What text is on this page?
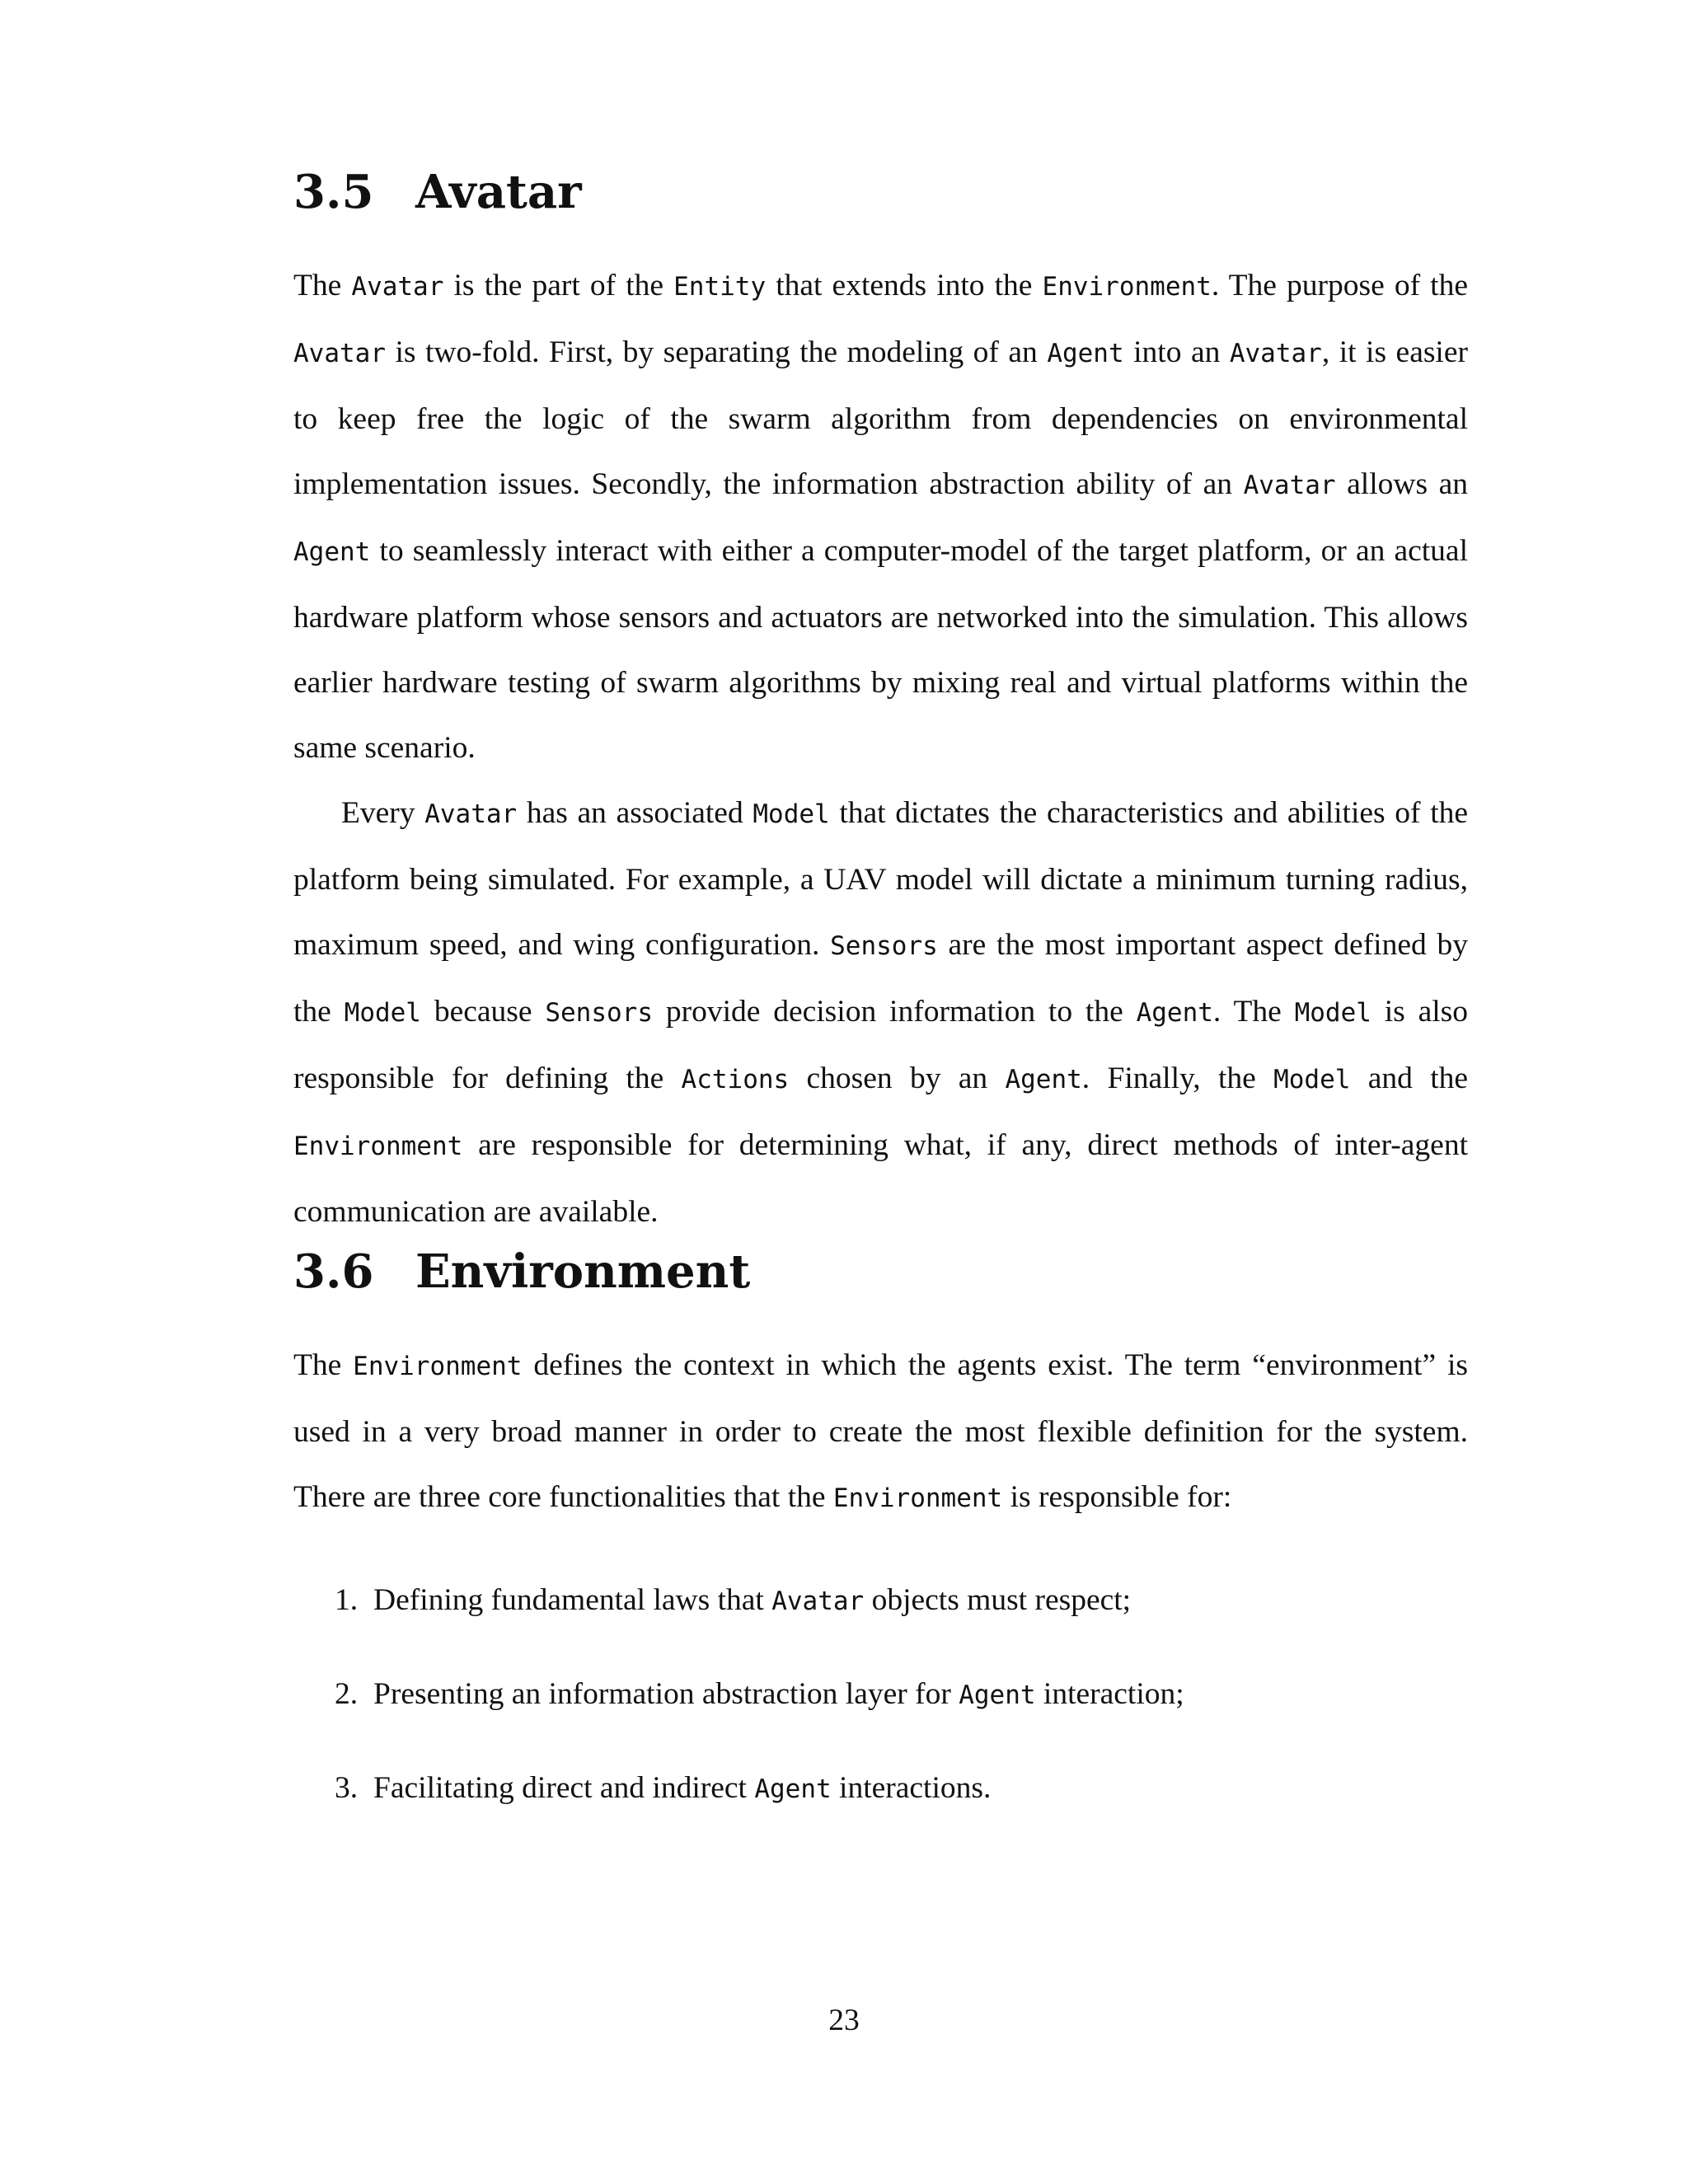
3.5 Avatar

The Avatar is the part of the Entity that extends into the Environment. The purpose of the Avatar is two-fold. First, by separating the modeling of an Agent into an Avatar, it is easier to keep free the logic of the swarm algorithm from dependencies on environmental implementation issues. Secondly, the information abstraction ability of an Avatar allows an Agent to seamlessly interact with either a computer-model of the target platform, or an actual hardware platform whose sensors and actuators are networked into the simulation. This allows earlier hardware testing of swarm algorithms by mixing real and virtual platforms within the same scenario.

Every Avatar has an associated Model that dictates the characteristics and abilities of the platform being simulated. For example, a UAV model will dictate a minimum turning radius, maximum speed, and wing configuration. Sensors are the most important aspect defined by the Model because Sensors provide decision information to the Agent. The Model is also responsible for defining the Actions chosen by an Agent. Finally, the Model and the Environment are responsible for determining what, if any, direct methods of inter-agent communication are available.

3.6 Environment

The Environment defines the context in which the agents exist. The term “environment” is used in a very broad manner in order to create the most flexible definition for the system. There are three core functionalities that the Environment is responsible for:

1. Defining fundamental laws that Avatar objects must respect;
2. Presenting an information abstraction layer for Agent interaction;
3. Facilitating direct and indirect Agent interactions.
23
